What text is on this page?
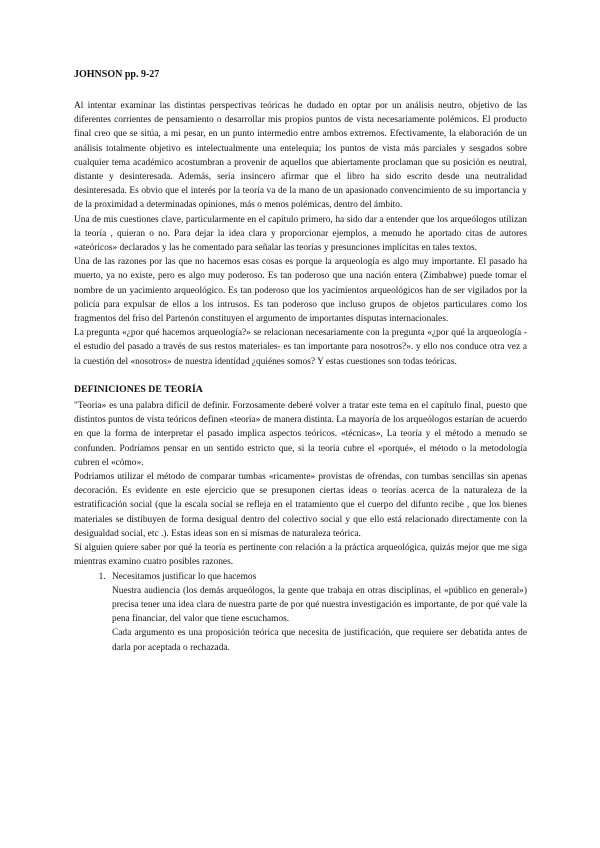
JOHNSON pp. 9-27

Al intentar examinar las distintas perspectivas teóricas he dudado en optar por un análisis neutro, objetivo de las diferentes corrientes de pensamiento o desarrollar mis propios puntos de vista necesariamente polémicos. El producto final creo que se sitúa, a mi pesar, en un punto intermedio entre ambos extremos. Efectivamente, la elaboración de un análisis totalmente objetivo es intelectualmente una entelequia; los puntos de vista más parciales y sesgados sobre cualquier tema académico acostumbran a provenir de aquellos que abiertamente proclaman que su posición es neutral, distante y desinteresada. Además, sería insincero afirmar que el libro ha sido escrito desde una neutralidad desinteresada. Es obvio que el interés por la teoría va de la mano de un apasionado convencimiento de su importancia y de la proximidad a determinadas opiniones, más o menos polémicas, dentro del ámbito.

Una de mis cuestiones clave, particularmente en el capítulo primero, ha sido dar a entender que los arqueólogos utilizan la teoría , quieran o no. Para dejar la idea clara y proporcionar ejemplos, a menudo he aportado citas de autores «ateóricos» declarados y las he comentado para señalar las teorías y presunciones implícitas en tales textos.

Una de las razones por las que no hacemos esas cosas es porque la arqueología es algo muy importante. El pasado ha muerto, ya no existe, pero es algo muy poderoso. Es tan poderoso que una nación entera (Zimbabwe) puede tomar el nombre de un yacimiento arqueológico. Es tan poderoso que los yacimientos arqueológicos han de ser vigilados por la policía para expulsar de ellos a los intrusos. Es tan poderoso que incluso grupos de objetos particulares como los fragmentos del friso del Partenón constituyen el argumento de importantes disputas internacionales.

La pregunta «¿por qué hacemos arqueología?» se relacionan necesariamente con la pregunta «¿por qué la arqueología - el estudio del pasado a través de sus restos materiales- es tan importante para nosotros?». y ello nos conduce otra vez a la cuestión del «nosotros» de nuestra identidad ¿quiénes somos? Y estas cuestiones son todas teóricas.

DEFINICIONES DE TEORÍA

"Teoría» es una palabra difícil de definir. Forzosamente deberé volver a tratar este tema en el capítulo final, puesto que distintos puntos de vista teóricos definen «teoría» de manera distinta. La mayoría de los arqueólogos estarían de acuerdo en que la forma de interpretar el pasado implica aspectos teóricos. «técnicas», La teoría y el método a menudo se confunden. Podríamos pensar en un sentido estricto que, si la teoría cubre el «porqué», el método o la metodología cubren el «cómo».

Podríamos utilizar el método de comparar tumbas «ricamente» provistas de ofrendas, con tumbas sencillas sin apenas decoración. Es evidente en este ejercicio que se presuponen ciertas ideas o teorías acerca de la naturaleza de la estratificación social (que la escala social se refleja en el tratamiento que el cuerpo del difunto recibe , que los bienes materiales se distibuyen de forma desigual dentro del colectivo social y que ello está relacionado directamente con la desigualdad social, etc .). Estas ideas son en sí mismas de naturaleza teórica.

Si alguien quiere saber por qué la teoría es pertinente con relación a la práctica arqueológica, quizás mejor que me siga mientras examino cuatro posibles razones.

1. Necesitamos justificar lo que hacemos

Nuestra audiencia (los demás arqueólogos, la gente que trabaja en otras disciplinas, el «público en general») precisa tener una idea clara de nuestra parte de por qué nuestra investigación es importante, de por qué vale la pena financiar, del valor que tiene escuchamos.

Cada argumento es una proposición teórica que necesita de justificación, que requiere ser debatida antes de darla por aceptada o rechazada.
